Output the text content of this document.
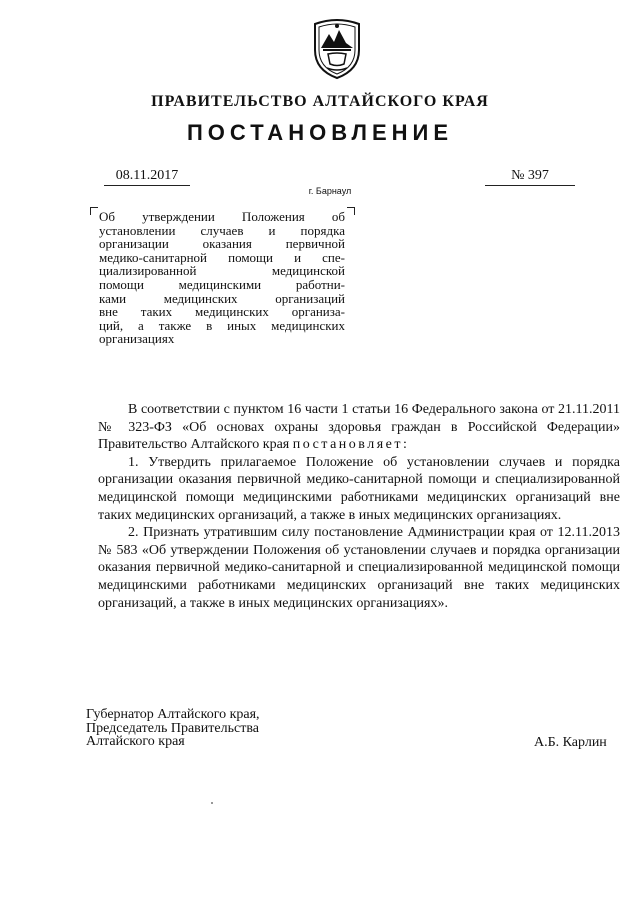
ПРАВИТЕЛЬСТВО АЛТАЙСКОГО КРАЯ
ПОСТАНОВЛЕНИЕ
08.11.2017	№ 397
г. Барнаул
Об утверждении Положения об
установлении случаев и порядка
организации оказания первичной
медико-санитарной помощи и спе-
циализированной медицинской
помощи медицинскими работни-
ками медицинских организаций
вне таких медицинских организа-
ций, а также в иных медицинских
организациях

В соответствии с пунктом 16 части 1 статьи 16 Федерального закона от 21.11.2011 № 323-ФЗ «Об основах охраны здоровья граждан в Российской Федерации» Правительство Алтайского края постановляет:

1. Утвердить прилагаемое Положение об установлении случаев и порядка организации оказания первичной медико-санитарной помощи и специализированной медицинской помощи медицинскими работниками медицинских организаций вне таких медицинских организаций, а также в иных медицинских организациях.

2. Признать утратившим силу постановление Администрации края от 12.11.2013 № 583 «Об утверждении Положения об установлении случаев и порядка организации оказания первичной медико-санитарной и специализированной медицинской помощи медицинскими работниками медицинских организаций вне таких медицинских организаций, а также в иных медицинских организациях».

Губернатор Алтайского края,
Председатель Правительства
Алтайского края	А.Б. Карлин
